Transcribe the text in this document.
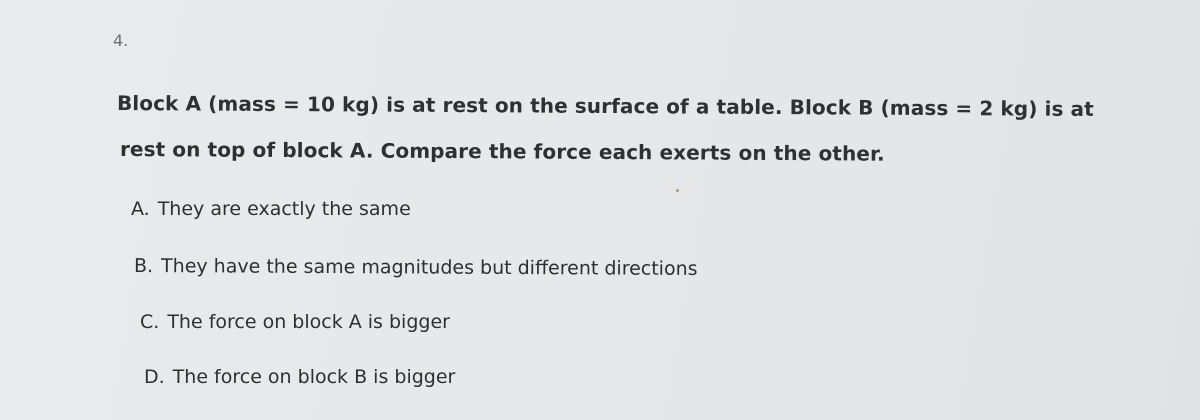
4.
Block A (mass = 10 kg) is at rest on the surface of a table. Block B (mass = 2 kg) is at
rest on top of block A. Compare the force each exerts on the other.
A. They are exactly the same
B. They have the same magnitudes but different directions
C. The force on block A is bigger
D. The force on block B is bigger
